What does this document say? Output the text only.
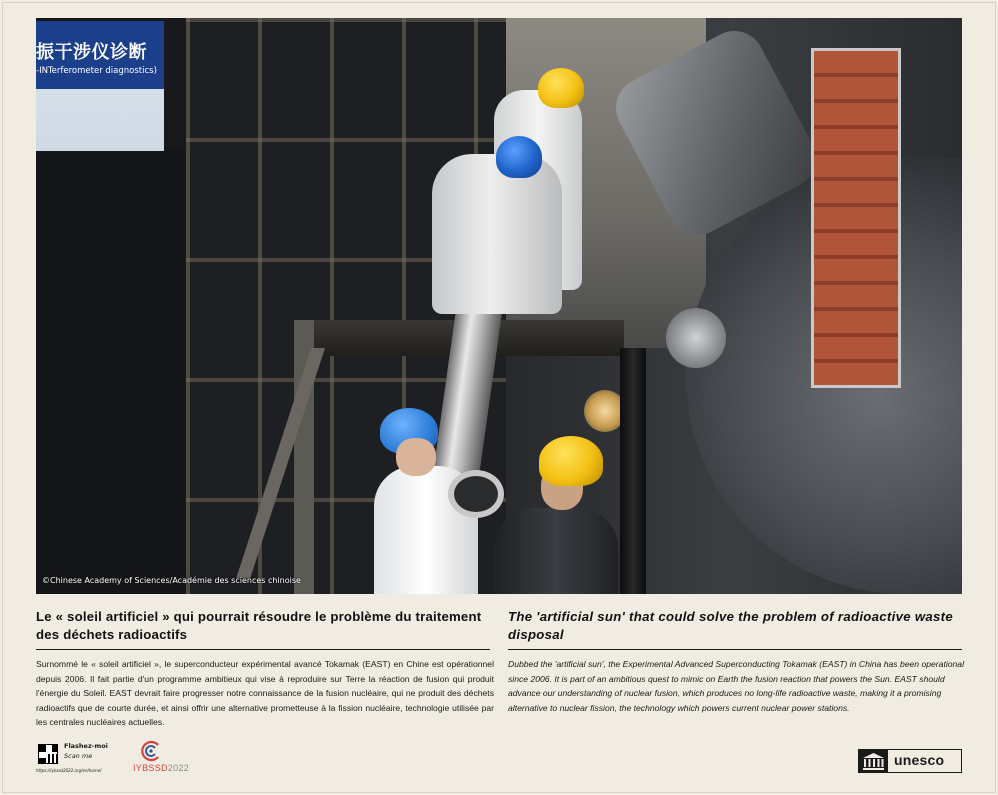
振干涉仪诊断
-INTerferometer diagnostics)
©Chinese Academy of Sciences/Académie des sciences chinoise
Le « soleil artificiel » qui pourrait résoudre le problème du traitement des déchets radioactifs
The 'artificial sun' that could solve the problem of radioactive waste disposal
Surnommé le « soleil artificiel », le superconducteur expérimental avancé Tokamak (EAST) en Chine est opérationnel depuis 2006. Il fait partie d'un programme ambitieux qui vise à reproduire sur Terre la réaction de fusion qui produit l'énergie du Soleil. EAST devrait faire progresser notre connaissance de la fusion nucléaire, qui ne produit des déchets radioactifs que de courte durée, et ainsi offrir une alternative prometteuse à la fission nucléaire, technologie utilisée par les centrales nucléaires actuelles.
Dubbed the 'artificial sun', the Experimental Advanced Superconducting Tokamak (EAST) in China has been operational since 2006. It is part of an ambitious quest to mimic on Earth the fusion reaction that powers the Sun. EAST should advance our understanding of nuclear fusion, which produces no long-life radioactive waste, making it a promising alternative to nuclear fission, the technology which powers current nuclear power stations.
Flashez-moi
Scan me
https://iybssd2022.org/en/home/	IYBSSD2022	unesco
